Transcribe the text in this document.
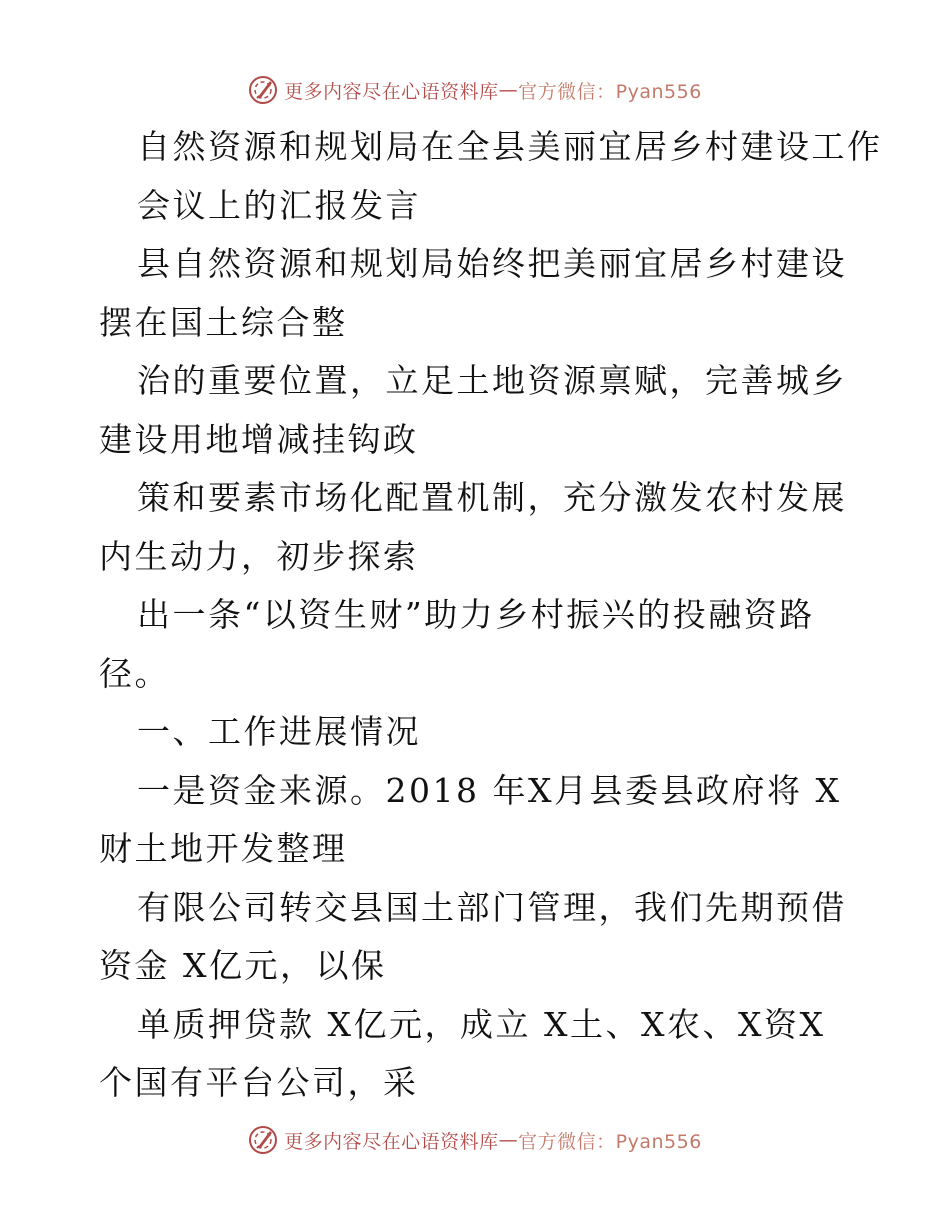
更多内容尽在心语资料库 — 官方微信：Pyan556

自然资源和规划局在全县美丽宜居乡村建设工作

会议上的汇报发言

县自然资源和规划局始终把美丽宜居乡村建设摆在国土综合整

治的重要位置，立足土地资源禀赋，完善城乡建设用地增减挂钩政

策和要素市场化配置机制，充分激发农村发展内生动力，初步探索

出一条“以资生财”助力乡村振兴的投融资路径。

一、工作进展情况

一是资金来源。2018 年X月县委县政府将 X财土地开发整理

有限公司转交县国土部门管理，我们先期预借资金 X亿元，以保

单质押贷款 X亿元，成立 X土、X农、X资X个国有平台公司，采

更多内容尽在心语资料库 — 官方微信：Pyan556
